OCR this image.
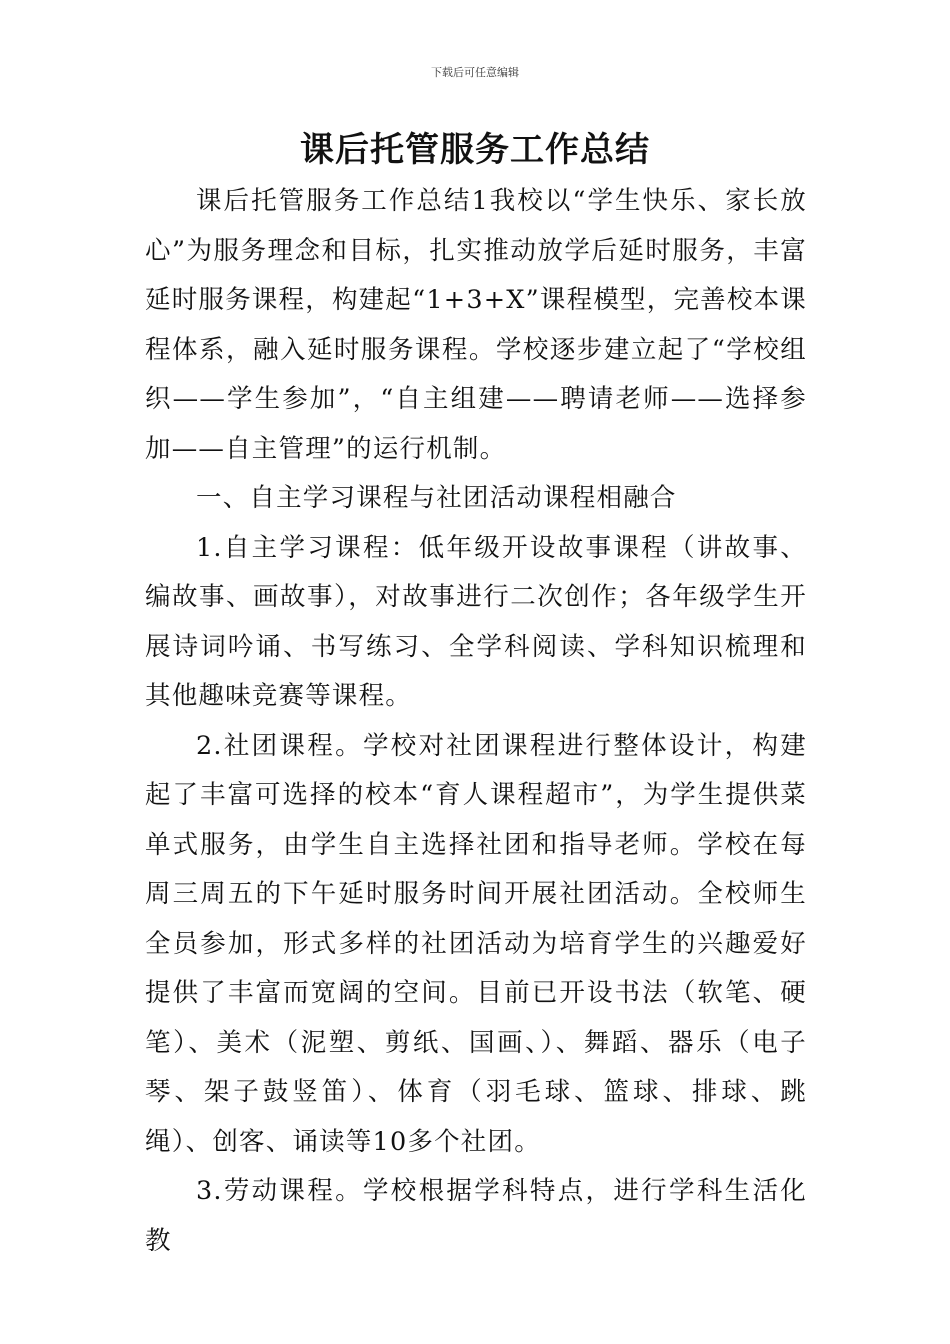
下载后可任意编辑
课后托管服务工作总结

课后托管服务工作总结1我校以“学生快乐、家长放心”为服务理念和目标，扎实推动放学后延时服务，丰富延时服务课程，构建起“1+3+X”课程模型，完善校本课程体系，融入延时服务课程。学校逐步建立起了“学校组织——学生参加”，“自主组建——聘请老师——选择参加——自主管理”的运行机制。

一、自主学习课程与社团活动课程相融合

1.自主学习课程：低年级开设故事课程（讲故事、编故事、画故事），对故事进行二次创作；各年级学生开展诗词吟诵、书写练习、全学科阅读、学科知识梳理和其他趣味竞赛等课程。

2.社团课程。学校对社团课程进行整体设计，构建起了丰富可选择的校本“育人课程超市”，为学生提供菜单式服务，由学生自主选择社团和指导老师。学校在每周三周五的下午延时服务时间开展社团活动。全校师生全员参加，形式多样的社团活动为培育学生的兴趣爱好提供了丰富而宽阔的空间。目前已开设书法（软笔、硬笔）、美术（泥塑、剪纸、国画、）、舞蹈、器乐（电子琴、架子鼓竖笛）、体育（羽毛球、篮球、排球、跳绳）、创客、诵读等10多个社团。

3.劳动课程。学校根据学科特点，进行学科生活化教
